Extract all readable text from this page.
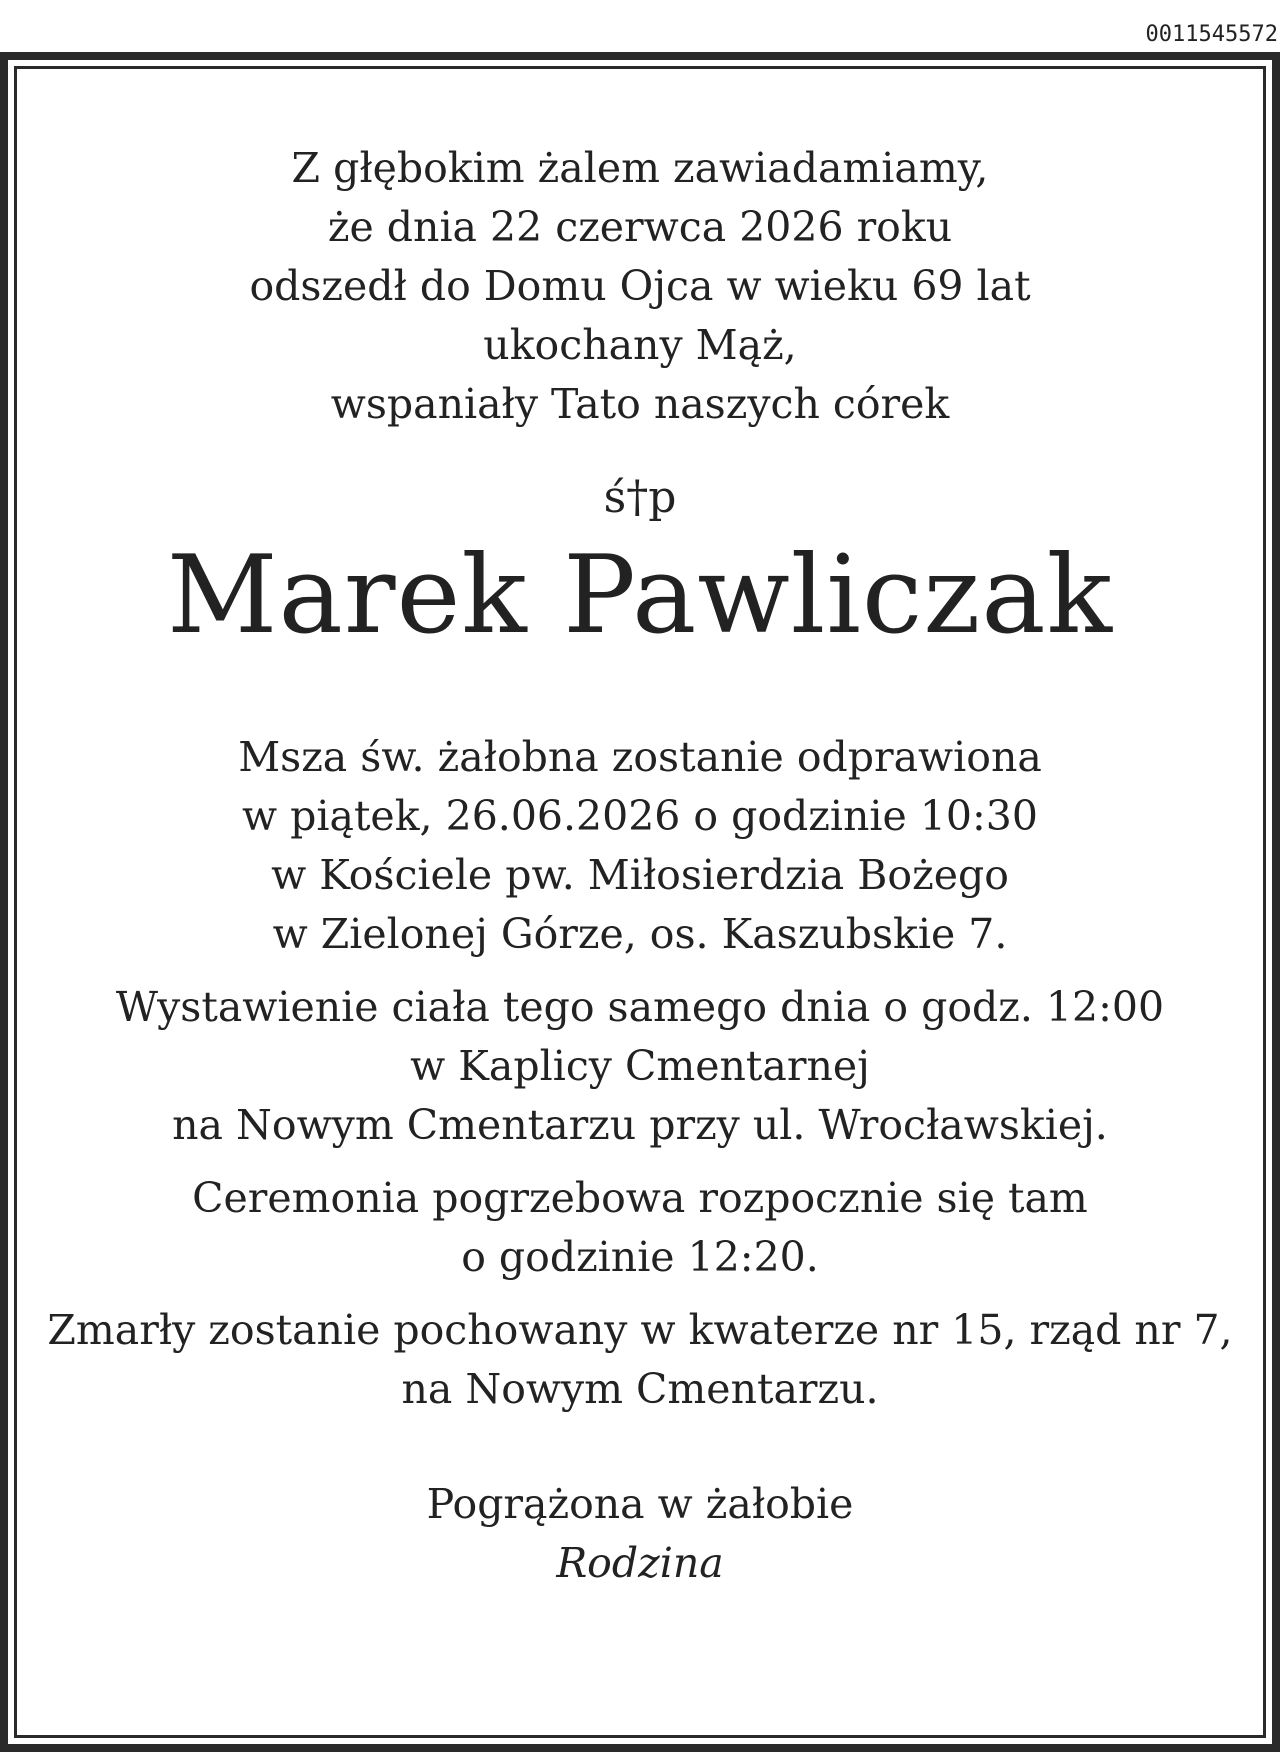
0011545572
Z głębokim żalem zawiadamiamy,
że dnia 22 czerwca 2026 roku
odszedł do Domu Ojca w wieku 69 lat
ukochany Mąż,
wspaniały Tato naszych córek
ś†p
Marek Pawliczak
Msza św. żałobna zostanie odprawiona
w piątek, 26.06.2026 o godzinie 10:30
w Kościele pw. Miłosierdzia Bożego
w Zielonej Górze, os. Kaszubskie 7.
Wystawienie ciała tego samego dnia o godz. 12:00
w Kaplicy Cmentarnej
na Nowym Cmentarzu przy ul. Wrocławskiej.
Ceremonia pogrzebowa rozpocznie się tam
o godzinie 12:20.
Zmarły zostanie pochowany w kwaterze nr 15, rząd nr 7,
na Nowym Cmentarzu.
Pogrążona w żałobie
Rodzina
